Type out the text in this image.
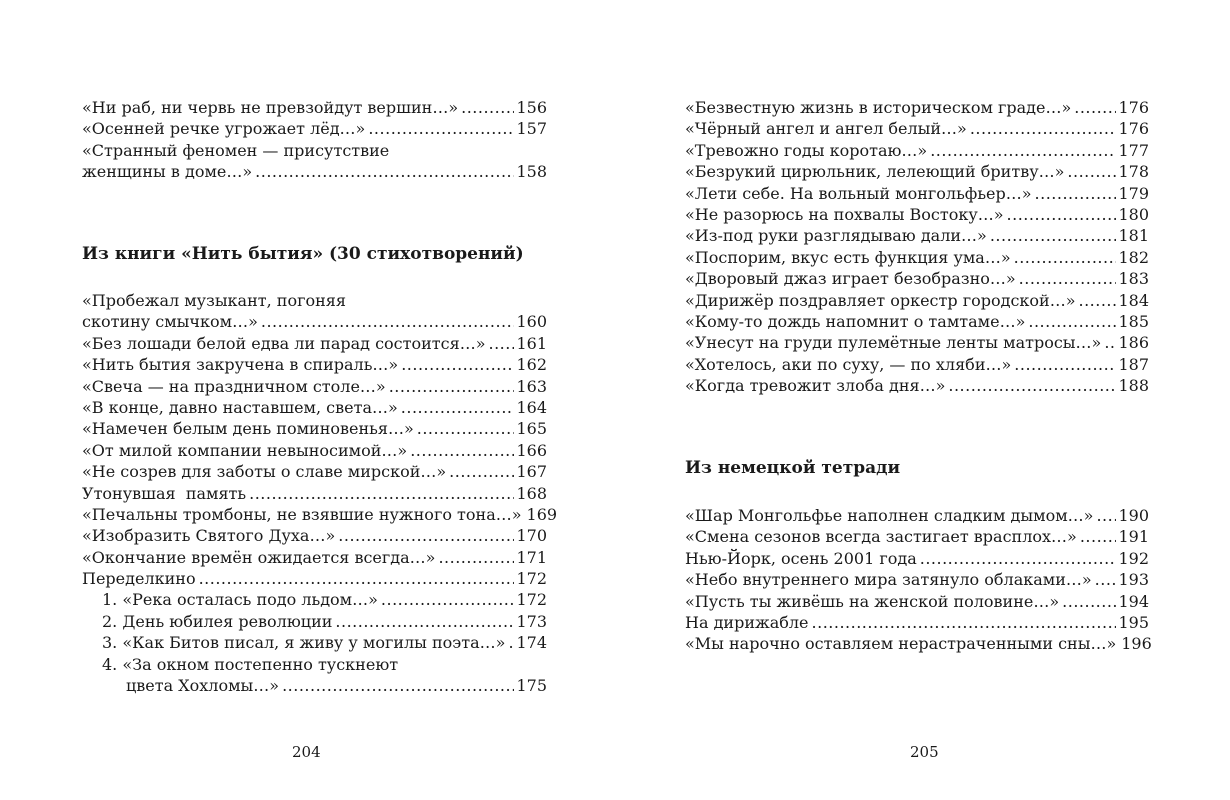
«Ни раб, ни червь не превзойдут вершин…» .....	156
«Осенней речке угрожает лёд…» .....	157
«Странный феномен — присутствие
женщины в доме…» .....	158
Из книги «Нить бытия» (30 стихотворений)
«Пробежал музыкант, погоняя
скотину смычком…» .....	160
«Без лошади белой едва ли парад состоится…» ..... 161
«Нить бытия закручена в спираль…» .....	162
«Свеча — на праздничном столе…» .....	163
«В конце, давно наставшем, света…» .....	164
«Намечен белым день поминовенья…» .....	165
«От милой компании невыносимой…» .....	166
«Не созрев для заботы о славе мирской…» .....	167
Утонувшая  память .....	168
«Печальны тромбоны, не взявшие нужного тона…» 169
«Изобразить Святого Духа…» .....	170
«Окончание времён ожидается всегда…» .....	171
Переделкино .....	172
1. «Река осталась подо льдом…» .....	172
2. День юбилея революции .....	173
3. «Как Битов писал, я живу у могилы поэта…» ..... 174
4. «За окном постепенно тускнеют
цвета Хохломы…» .....	175
204
«Безвестную жизнь в историческом граде…» .....	176
«Чёрный ангел и ангел белый…» .....	176
«Тревожно годы коротаю…» .....	177
«Безрукий цирюльник, лелеющий бритву…» .....	178
«Лети себе. На вольный монгольфьер…» .....	179
«Не разорюсь на похвалы Востоку…» .....	180
«Из-под руки разглядываю дали…» .....	181
«Поспорим, вкус есть функция ума…» .....	182
«Дворовый джаз играет безобразно…» .....	183
«Дирижёр поздравляет оркестр городской…» .....	184
«Кому-то дождь напомнит о тамтаме…» .....	185
«Унесут на груди пулемётные ленты матросы…» ..... 186
«Хотелось, аки по суху, — по хляби…» .....	187
«Когда тревожит злоба дня…» .....	188
Из немецкой тетради
«Шар Монгольфье наполнен сладким дымом…» ..... 190
«Смена сезонов всегда застигает врасплох…» .....	191
Нью-Йорк, осень 2001 года .....	192
«Небо внутреннего мира затянуло облаками…» ..... 193
«Пусть ты живёшь на женской половине…» .....	194
На дирижабле .....	195
«Мы нарочно оставляем нерастраченными сны…» 196
205
